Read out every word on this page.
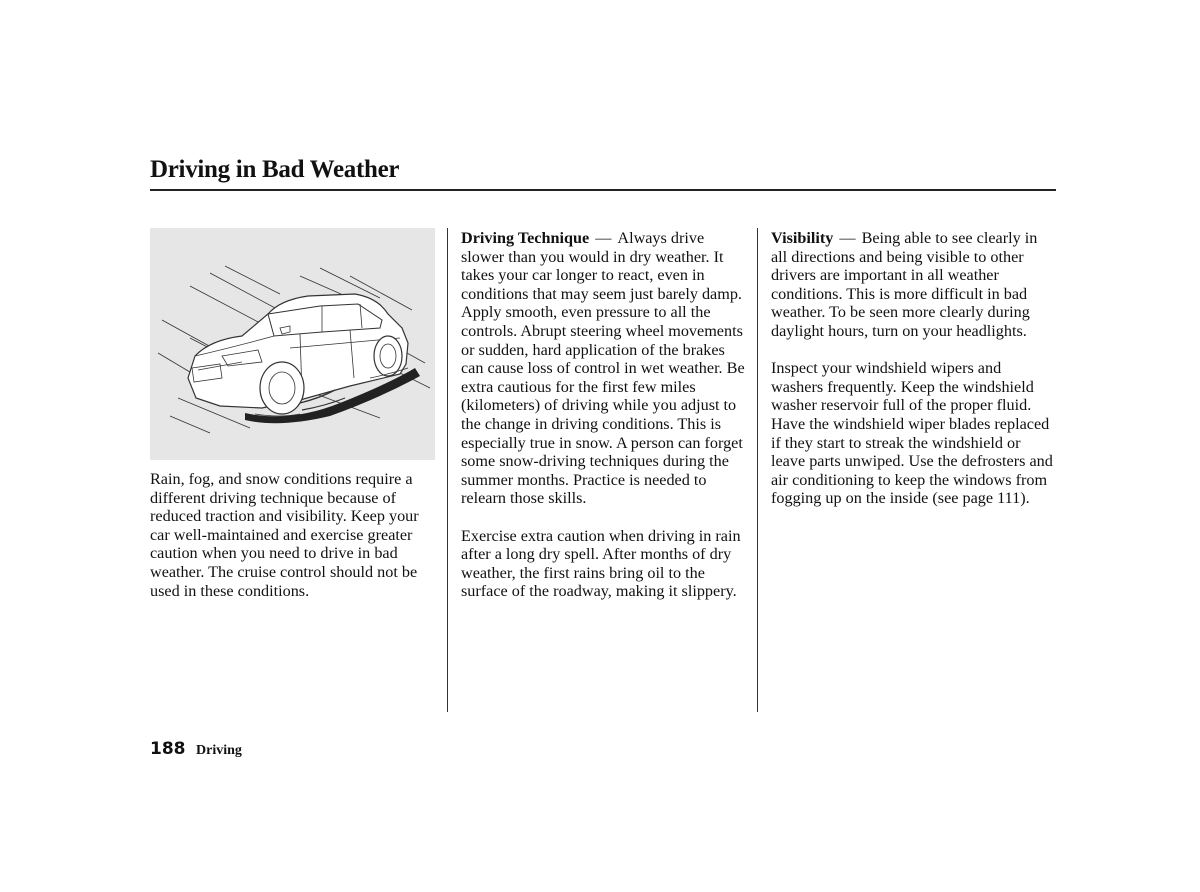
Driving in Bad Weather

Rain, fog, and snow conditions require a different driving technique because of reduced traction and visibility. Keep your car well-maintained and exercise greater caution when you need to drive in bad weather. The cruise control should not be used in these conditions.

Driving Technique — Always drive slower than you would in dry weather. It takes your car longer to react, even in conditions that may seem just barely damp. Apply smooth, even pressure to all the controls. Abrupt steering wheel movements or sudden, hard application of the brakes can cause loss of control in wet weather. Be extra cautious for the first few miles (kilometers) of driving while you adjust to the change in driving conditions. This is especially true in snow. A person can forget some snow-driving techniques during the summer months. Practice is needed to relearn those skills.

Exercise extra caution when driving in rain after a long dry spell. After months of dry weather, the first rains bring oil to the surface of the roadway, making it slippery.

Visibility — Being able to see clearly in all directions and being visible to other drivers are important in all weather conditions. This is more difficult in bad weather. To be seen more clearly during daylight hours, turn on your headlights.

Inspect your windshield wipers and washers frequently. Keep the windshield washer reservoir full of the proper fluid. Have the windshield wiper blades replaced if they start to streak the windshield or leave parts unwiped. Use the defrosters and air conditioning to keep the windows from fogging up on the inside (see page 111).

188 Driving
